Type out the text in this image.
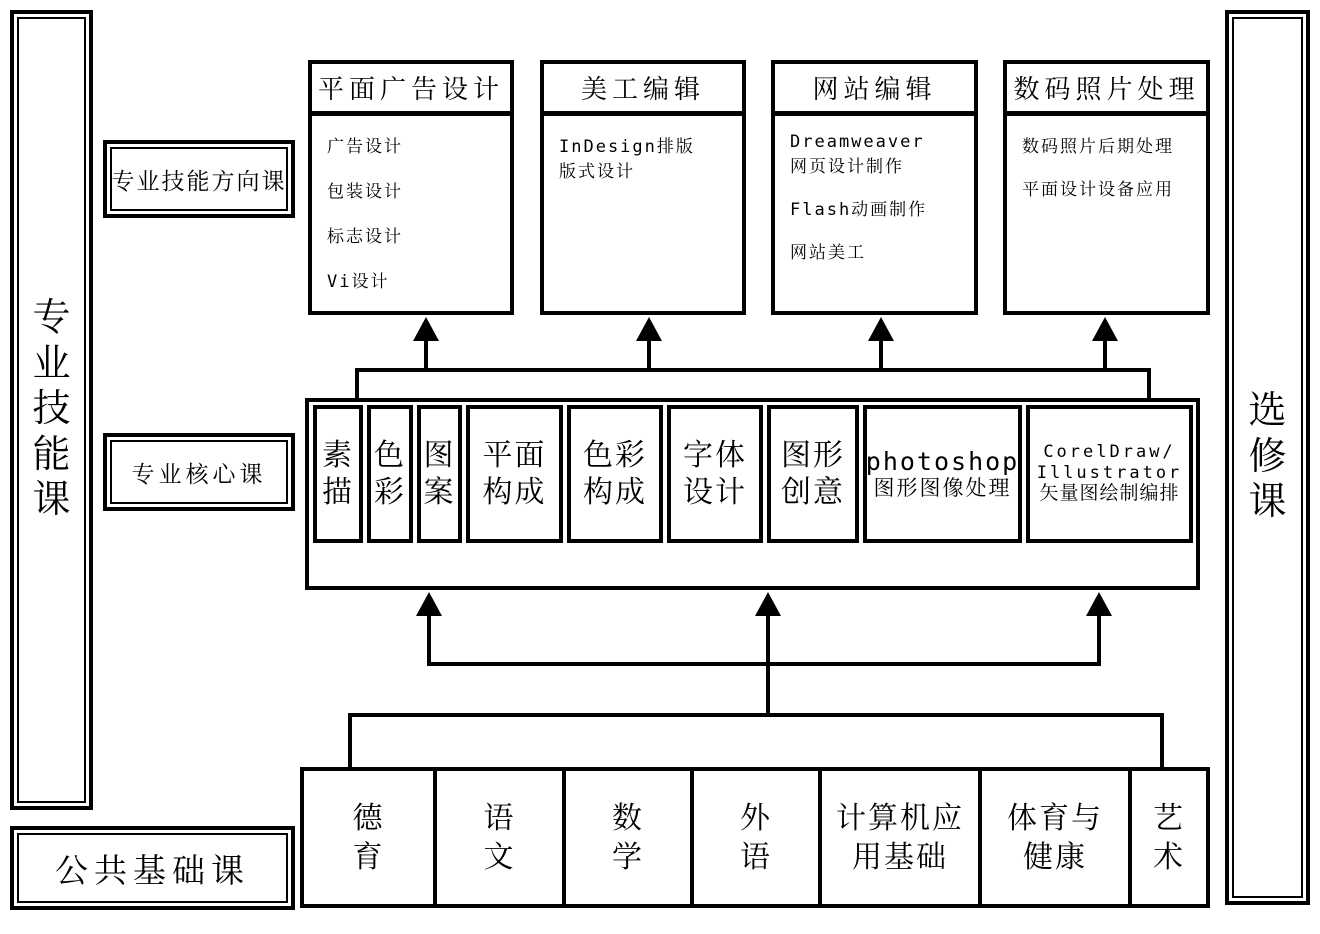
专业技能课
选修课
公共基础课
专业技能方向课
专业核心课
平面广告设计
广告设计
包装设计
标志设计
Vi设计
美工编辑
InDesign排版
版式设计
网站编辑
Dreamweaver
网页设计制作
Flash动画制作
网站美工
数码照片处理
数码照片后期处理
平面设计设备应用
素描
色彩
图案
平面构成
色彩构成
字体设计
图形创意
photoshop
图形图像处理
CorelDraw/
Illustrator
矢量图绘制编排
德育
语文
数学
外语
计算机应用基础
体育与健康
艺术
